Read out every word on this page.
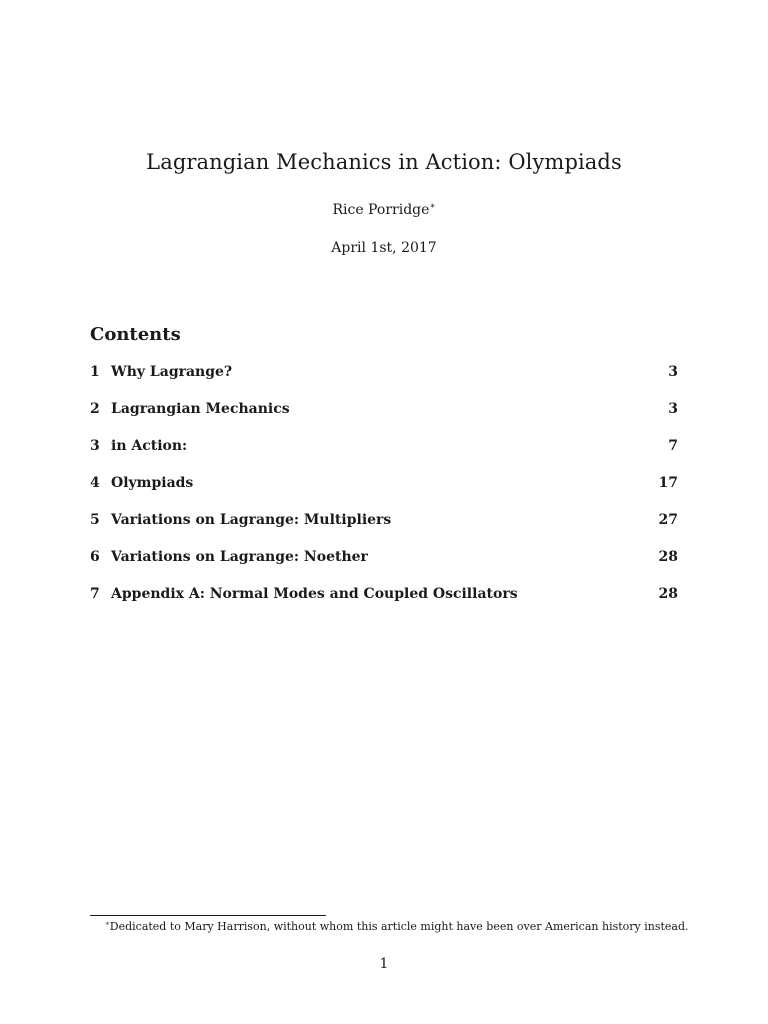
Lagrangian Mechanics in Action: Olympiads
Rice Porridge∗
April 1st, 2017
Contents
1 Why Lagrange?	3
2 Lagrangian Mechanics	3
3 in Action:	7
4 Olympiads	17
5 Variations on Lagrange: Multipliers	27
6 Variations on Lagrange: Noether	28
7 Appendix A: Normal Modes and Coupled Oscillators	28
∗Dedicated to Mary Harrison, without whom this article might have been over American history instead.
1
